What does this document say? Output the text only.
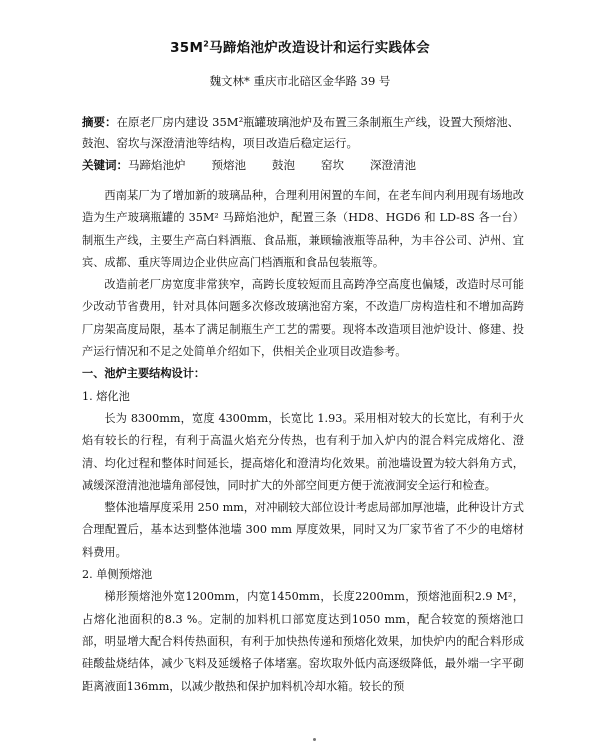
$35M^2$马蹄焰池炉改造设计和运行实践体会
魏文林* 重庆市北碚区金华路 39 号
摘要：在原老厂房内建设 35M²瓶罐玻璃池炉及布置三条制瓶生产线，设置大预熔池、鼓泡、窑坎与深澄清池等结构，项目改造后稳定运行。
关键词：马蹄焰池炉 预熔池 鼓泡 窑坎 深澄清池

西南某厂为了增加新的玻璃品种，合理利用闲置的车间，在老车间内利用现有场地改造为生产玻璃瓶罐的 35M² 马蹄焰池炉，配置三条（HD8、HGD6 和 LD-8S 各一台）制瓶生产线，主要生产高白料酒瓶、食品瓶，兼顾输液瓶等品种，为丰谷公司、泸州、宜宾、成都、重庆等周边企业供应高门档酒瓶和食品包装瓶等。

改造前老厂房宽度非常狭窄，高跨长度较短而且高跨净空高度也偏矮，改造时尽可能少改动节省费用，针对具体问题多次修改玻璃池窑方案，不改造厂房构造柱和不增加高跨厂房架高度局限，基本了满足制瓶生产工艺的需要。现将本改造项目池炉设计、修建、投产运行情况和不足之处简单介绍如下，供相关企业项目改造参考。

一、池炉主要结构设计：
1. 熔化池

长为 8300mm，宽度 4300mm，长宽比 1.93。采用相对较大的长宽比，有利于火焰有较长的行程，有利于高温火焰充分传热，也有利于加入炉内的混合料完成熔化、澄清、均化过程和整体时间延长，提高熔化和澄清均化效果。前池墙设置为较大斜角方式，减缓深澄清池池墙角部侵蚀，同时扩大的外部空间更方便于流液洞安全运行和检查。

整体池墙厚度采用 250 mm，对冲刷较大部位设计考虑局部加厚池墙，此种设计方式合理配置后，基本达到整体池墙 300 mm 厚度效果，同时又为厂家节省了不少的电熔材料费用。

2. 单侧预熔池

梯形预熔池外宽1200mm，内宽1450mm，长度2200mm，预熔池面积2.9 M²，占熔化池面积的8.3 %。定制的加料机口部宽度达到1050 mm，配合较宽的预熔池口部，明显增大配合料传热面积，有利于加快热传递和预熔化效果，加快炉内的配合料形成硅酸盐烧结体，减少飞料及延缓格子体堵塞。窑坎取外低内高逐级降低，最外端一字平砌距离液面136mm，以减少散热和保护加料机冷却水箱。较长的预
